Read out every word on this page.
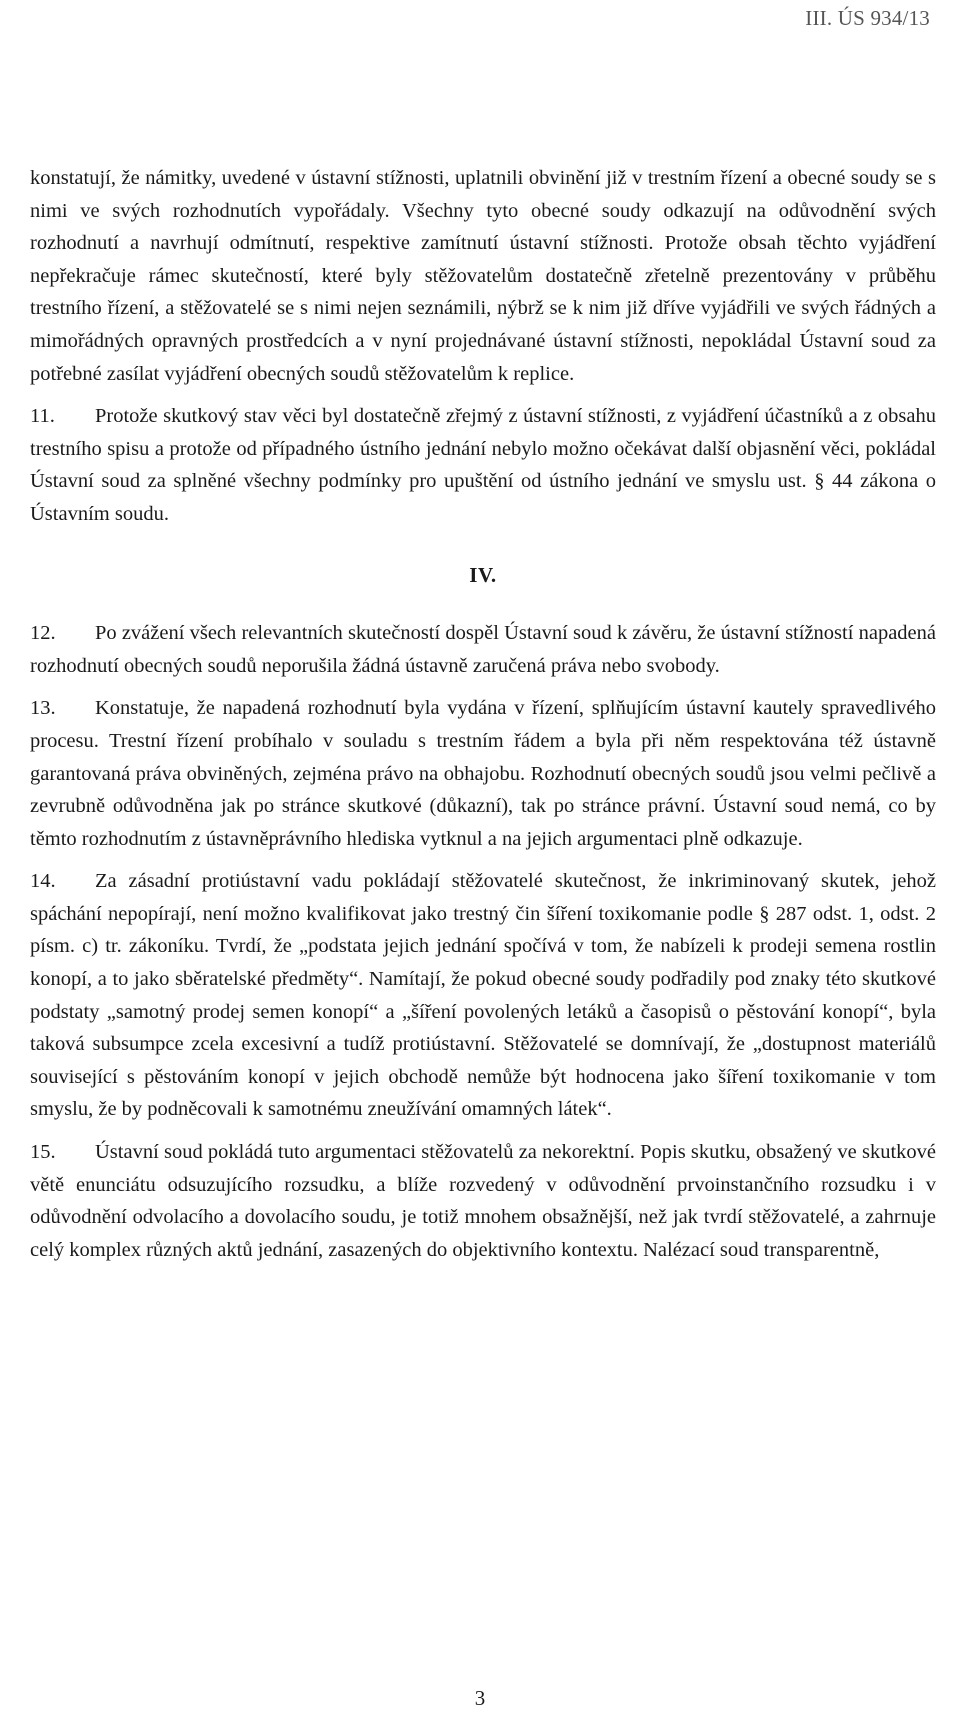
III. ÚS 934/13

konstatují, že námitky, uvedené v ústavní stížnosti, uplatnili obvinění již v trestním řízení a obecné soudy se s nimi ve svých rozhodnutích vypořádaly. Všechny tyto obecné soudy odkazují na odůvodnění svých rozhodnutí a navrhují odmítnutí, respektive zamítnutí ústavní stížnosti. Protože obsah těchto vyjádření nepřekračuje rámec skutečností, které byly stěžovatelům dostatečně zřetelně prezentovány v průběhu trestního řízení, a stěžovatelé se s nimi nejen seznámili, nýbrž se k nim již dříve vyjádřili ve svých řádných a mimořádných opravných prostředcích a v nyní projednávané ústavní stížnosti, nepokládal Ústavní soud za potřebné zasílat vyjádření obecných soudů stěžovatelům k replice.

11. Protože skutkový stav věci byl dostatečně zřejmý z ústavní stížnosti, z vyjádření účastníků a z obsahu trestního spisu a protože od případného ústního jednání nebylo možno očekávat další objasnění věci, pokládal Ústavní soud za splněné všechny podmínky pro upuštění od ústního jednání ve smyslu ust. § 44 zákona o Ústavním soudu.

IV.

12. Po zvážení všech relevantních skutečností dospěl Ústavní soud k závěru, že ústavní stížností napadená rozhodnutí obecných soudů neporušila žádná ústavně zaručená práva nebo svobody.

13. Konstatuje, že napadená rozhodnutí byla vydána v řízení, splňujícím ústavní kautely spravedlivého procesu. Trestní řízení probíhalo v souladu s trestním řádem a byla při něm respektována též ústavně garantovaná práva obviněných, zejména právo na obhajobu. Rozhodnutí obecných soudů jsou velmi pečlivě a zevrubně odůvodněna jak po stránce skutkové (důkazní), tak po stránce právní. Ústavní soud nemá, co by těmto rozhodnutím z ústavněprávního hlediska vytknul a na jejich argumentaci plně odkazuje.

14. Za zásadní protiústavní vadu pokládají stěžovatelé skutečnost, že inkriminovaný skutek, jehož spáchání nepopírají, není možno kvalifikovat jako trestný čin šíření toxikomanie podle § 287 odst. 1, odst. 2 písm. c) tr. zákoníku. Tvrdí, že „podstata jejich jednání spočívá v tom, že nabízeli k prodeji semena rostlin konopí, a to jako sběratelské předměty“. Namítají, že pokud obecné soudy podřadily pod znaky této skutkové podstaty „samotný prodej semen konopí“ a „šíření povolených letáků a časopisů o pěstování konopí“, byla taková subsumpce zcela excesivní a tudíž protiústavní. Stěžovatelé se domnívají, že „dostupnost materiálů související s pěstováním konopí v jejich obchodě nemůže být hodnocena jako šíření toxikomanie v tom smyslu, že by podněcovali k samotnému zneužívání omamných látek“.

15. Ústavní soud pokládá tuto argumentaci stěžovatelů za nekorektní. Popis skutku, obsažený ve skutkové větě enunciátu odsuzujícího rozsudku, a blíže rozvedený v odůvodnění prvoinstančního rozsudku i v odůvodnění odvolacího a dovolacího soudu, je totiž mnohem obsažnější, než jak tvrdí stěžovatelé, a zahrnuje celý komplex různých aktů jednání, zasazených do objektivního kontextu. Nalézací soud transparentně,

3
